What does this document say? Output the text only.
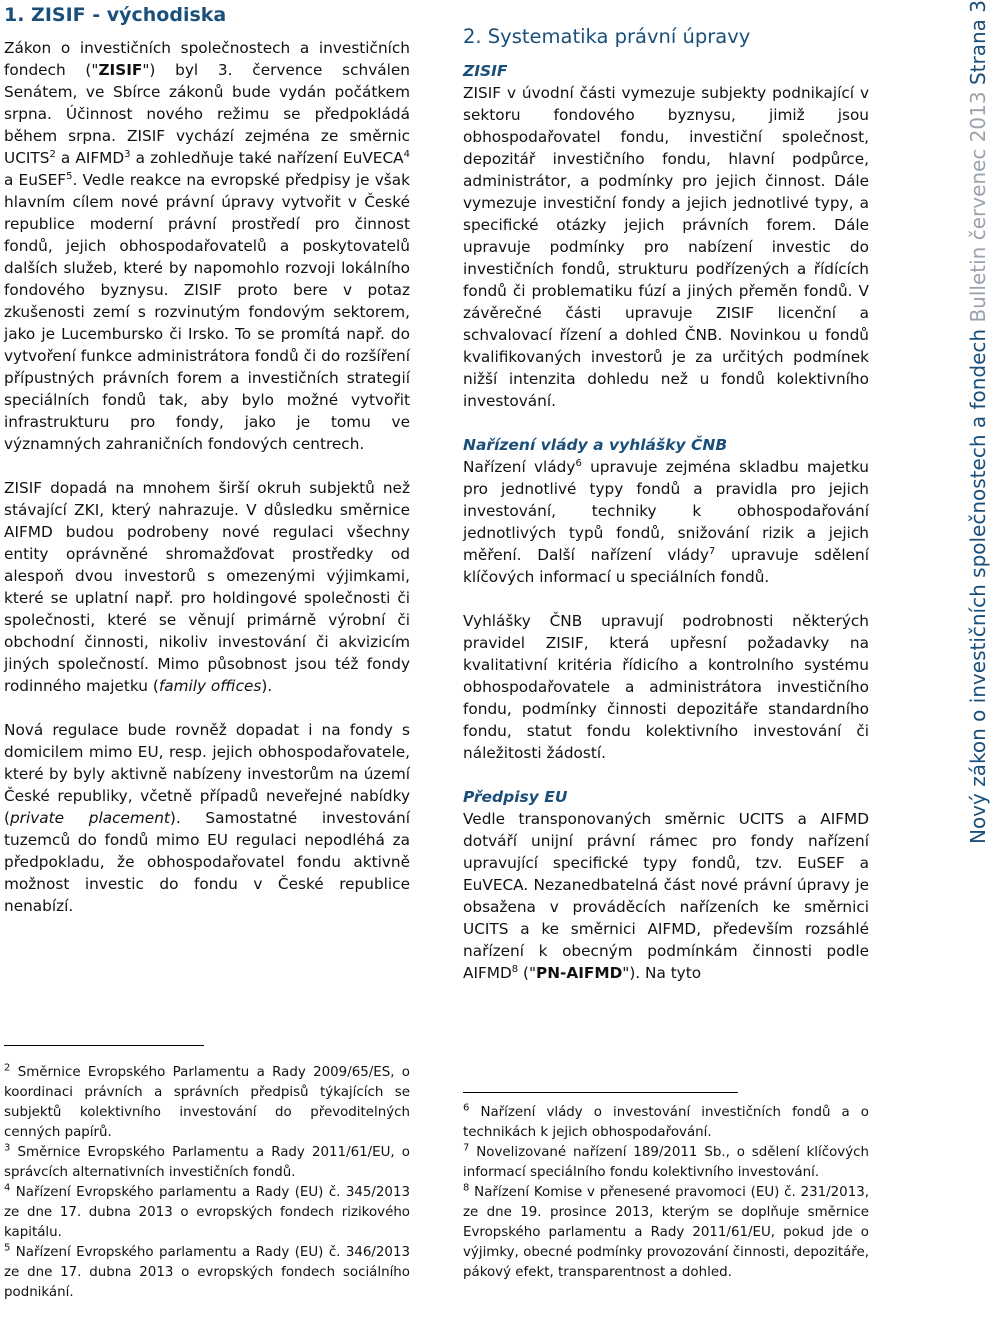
1. ZISIF - východiska

Zákon o investičních společnostech a investičních fondech ("ZISIF") byl 3. července schválen Senátem, ve Sbírce zákonů bude vydán počátkem srpna. Účinnost nového režimu se předpokládá během srpna. ZISIF vychází zejména ze směrnic UCITS$^2$ a AIFMD$^3$ a zohledňuje také nařízení EuVECA$^4$ a EuSEF$^5$. Vedle reakce na evropské předpisy je však hlavním cílem nové právní úpravy vytvořit v České republice moderní právní prostředí pro činnost fondů, jejich obhospodařovatelů a poskytovatelů dalších služeb, které by napomohlo rozvoji lokálního fondového byznysu. ZISIF proto bere v potaz zkušenosti zemí s rozvinutým fondovým sektorem, jako je Lucembursko či Irsko. To se promítá např. do vytvoření funkce administrátora fondů či do rozšíření přípustných právních forem a investičních strategií speciálních fondů tak, aby bylo možné vytvořit infrastrukturu pro fondy, jako je tomu ve významných zahraničních fondových centrech.

ZISIF dopadá na mnohem širší okruh subjektů než stávající ZKI, který nahrazuje. V důsledku směrnice AIFMD budou podrobeny nové regulaci všechny entity oprávněné shromažďovat prostředky od alespoň dvou investorů s omezenými výjimkami, které se uplatní např. pro holdingové společnosti či společnosti, které se věnují primárně výrobní či obchodní činnosti, nikoliv investování či akvizicím jiných společností. Mimo působnost jsou též fondy rodinného majetku (family offices).

Nová regulace bude rovněž dopadat i na fondy s domicilem mimo EU, resp. jejich obhospodařovatele, které by byly aktivně nabízeny investorům na území České republiky, včetně případů neveřejné nabídky (private placement). Samostatné investování tuzemců do fondů mimo EU regulaci nepodléhá za předpokladu, že obhospodařovatel fondu aktivně možnost investic do fondu v České republice nenabízí.

$^2$ Směrnice Evropského Parlamentu a Rady 2009/65/ES, o koordinaci právních a správních předpisů týkajících se subjektů kolektivního investování do převoditelných cenných papírů.

$^3$ Směrnice Evropského Parlamentu a Rady 2011/61/EU, o správcích alternativních investičních fondů.

$^4$ Nařízení Evropského parlamentu a Rady (EU) č. 345/2013 ze dne 17. dubna 2013 o evropských fondech rizikového kapitálu.

$^5$ Nařízení Evropského parlamentu a Rady (EU) č. 346/2013 ze dne 17. dubna 2013 o evropských fondech sociálního podnikání.

2. Systematika právní úpravy
ZISIF

ZISIF v úvodní části vymezuje subjekty podnikající v sektoru fondového byznysu, jimiž jsou obhospodařovatel fondu, investiční společnost, depozitář investičního fondu, hlavní podpůrce, administrátor, a podmínky pro jejich činnost. Dále vymezuje investiční fondy a jejich jednotlivé typy, a specifické otázky jejich právních forem. Dále upravuje podmínky pro nabízení investic do investičních fondů, strukturu podřízených a řídících fondů či problematiku fúzí a jiných přeměn fondů. V závěrečné části upravuje ZISIF licenční a schvalovací řízení a dohled ČNB. Novinkou u fondů kvalifikovaných investorů je za určitých podmínek nižší intenzita dohledu než u fondů kolektivního investování.

Nařízení vlády a vyhlášky ČNB

Nařízení vlády$^6$ upravuje zejména skladbu majetku pro jednotlivé typy fondů a pravidla pro jejich investování, techniky k obhospodařování jednotlivých typů fondů, snižování rizik a jejich měření. Další nařízení vlády$^7$ upravuje sdělení klíčových informací u speciálních fondů.

Vyhlášky ČNB upravují podrobnosti některých pravidel ZISIF, která upřesní požadavky na kvalitativní kritéria řídicího a kontrolního systému obhospodařovatele a administrátora investičního fondu, podmínky činnosti depozitáře standardního fondu, statut fondu kolektivního investování či náležitosti žádostí.

Předpisy EU

Vedle transponovaných směrnic UCITS a AIFMD dotváří unijní právní rámec pro fondy nařízení upravující specifické typy fondů, tzv. EuSEF a EuVECA. Nezanedbatelná část nové právní úpravy je obsažena v prováděcích nařízeních ke směrnici UCITS a ke směrnici AIFMD, především rozsáhlé nařízení k obecným podmínkám činnosti podle AIFMD$^8$ ("PN-AIFMD"). Na tyto

$^6$ Nařízení vlády o investování investičních fondů a o technikách k jejich obhospodařování.

$^7$ Novelizované nařízení 189/2011 Sb., o sdělení klíčových informací speciálního fondu kolektivního investování.

$^8$ Nařízení Komise v přenesené pravomoci (EU) č. 231/2013, ze dne 19. prosince 2013, kterým se doplňuje směrnice Evropského parlamentu a Rady 2011/61/EU, pokud jde o výjimky, obecné podmínky provozování činnosti, depozitáře, pákový efekt, transparentnost a dohled.

Nový zákon o investičních společnostech a fondech Bulletin červenec 2013 Strana 3
